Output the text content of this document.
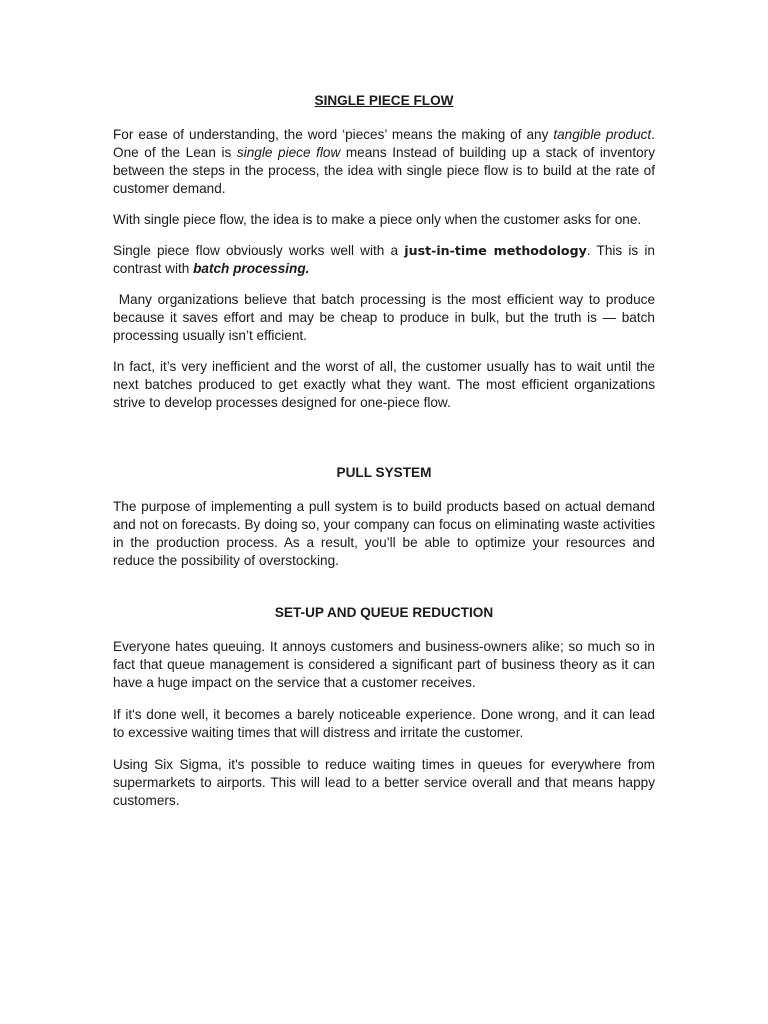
SINGLE PIECE FLOW

For ease of understanding, the word ‘pieces’ means the making of any tangible product. One of the Lean is single piece flow means Instead of building up a stack of inventory between the steps in the process, the idea with single piece flow is to build at the rate of customer demand.

With single piece flow, the idea is to make a piece only when the customer asks for one.

Single piece flow obviously works well with a just-in-time methodology. This is in contrast with batch processing.

Many organizations believe that batch processing is the most efficient way to produce because it saves effort and may be cheap to produce in bulk, but the truth is — batch processing usually isn’t efficient.

In fact, it’s very inefficient and the worst of all, the customer usually has to wait until the next batches produced to get exactly what they want. The most efficient organizations strive to develop processes designed for one-piece flow.

PULL SYSTEM

The purpose of implementing a pull system is to build products based on actual demand and not on forecasts. By doing so, your company can focus on eliminating waste activities in the production process. As a result, you’ll be able to optimize your resources and reduce the possibility of overstocking.

SET-UP AND QUEUE REDUCTION

Everyone hates queuing. It annoys customers and business-owners alike; so much so in fact that queue management is considered a significant part of business theory as it can have a huge impact on the service that a customer receives.

If it's done well, it becomes a barely noticeable experience. Done wrong, and it can lead to excessive waiting times that will distress and irritate the customer.

Using Six Sigma, it's possible to reduce waiting times in queues for everywhere from supermarkets to airports. This will lead to a better service overall and that means happy customers.
